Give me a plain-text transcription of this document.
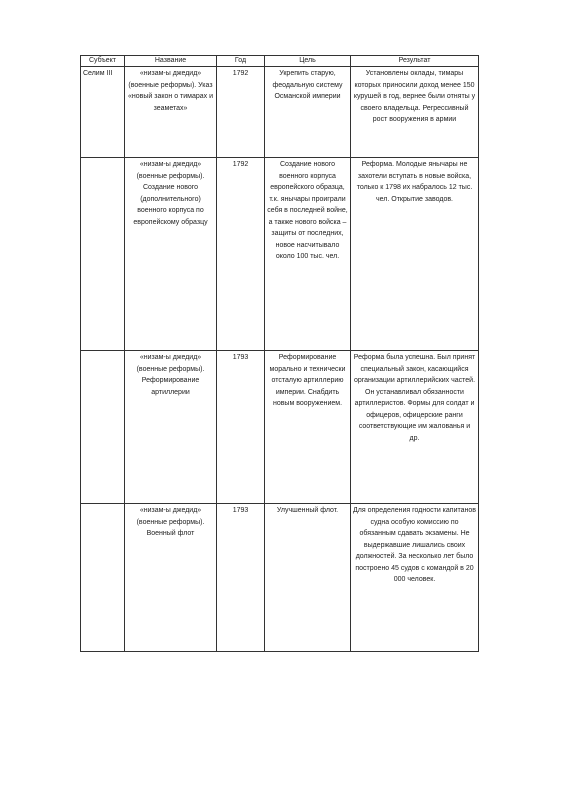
Субъект	Название	Год	Цель	Результат
Селим III	«низам-ы джедид» (военные реформы). Указ «новый закон о тимарах и зеаметах»	1792	Укрепить старую, феодальную систему Османской империи	Установлены оклады, тимары которых приносили доход менее 150 курушей в год, вернее были отняты у своего владельца. Регрессивный рост вооружения в армии
	«низам-ы джедид» (военные реформы). Создание нового (дополнительного) военного корпуса по европейскому образцу	1792	Создание нового военного корпуса европейского образца, т.к. янычары проиграли себя в последней войне, а также нового войска – защиты от последних, новое насчитывало около 100 тыс. чел.	Реформа. Молодые янычары не захотели вступать в новые войска, только к 1798 их набралось 12 тыс. чел. Открытие заводов.
	«низам-ы джедид» (военные реформы). Реформирование артиллерии	1793	Реформирование морально и технически отсталую артиллерию империи. Снабдить новым вооружением.	Реформа была успешна. Был принят специальный закон, касающийся организации артиллерийских частей. Он устанавливал обязанности артиллеристов. Формы для солдат и офицеров, офицерские ранги соответствующие им жалованья и др.
	«низам-ы джедид» (военные реформы). Военный флот	1793	Улучшенный флот.	Для определения годности капитанов судна особую комиссию по обязанным сдавать экзамены. Не выдержавшие лишались своих должностей. За несколько лет было построено 45 судов с командой в 20 000 человек.
